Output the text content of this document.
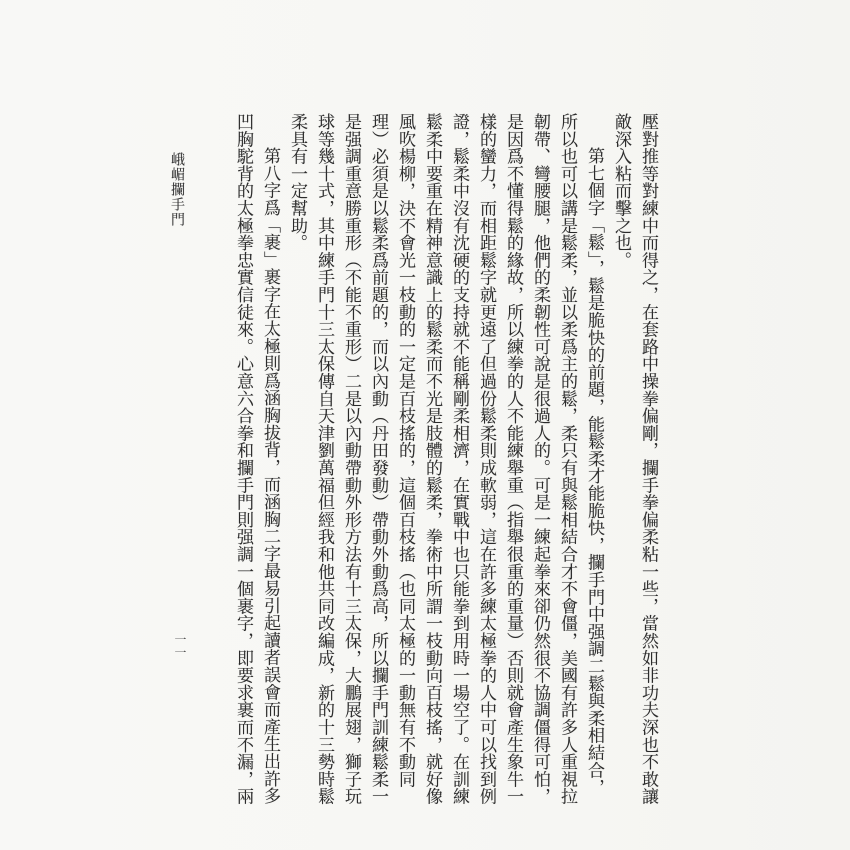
壓對推等對練中而得之，在套路中操拳偏剛，攔手拳偏柔粘一些，當然如非功夫深也不敢讓敵深入粘而擊之也。

第七個字「鬆」，鬆是脆快的前題，能鬆柔才能脆快，攔手門中强調二鬆與柔相結合，所以也可以講是鬆柔，並以柔爲主的鬆，柔只有與鬆相結合才不會僵，美國有許多人重視拉韌帶、彎腰腿，他們的柔韌性可說是很過人的。可是一練起拳來卻仍然很不協調僵得可怕，是因爲不懂得鬆的緣故，所以練拳的人不能練舉重（指舉很重的重量）否則就會產生象牛一樣的蠻力，而相距鬆字就更遠了但過份鬆柔則成軟弱，這在許多練太極拳的人中可以找到例證，鬆柔中沒有沈硬的支持就不能稱剛柔相濟，在實戰中也只能拳到用時一場空了。在訓練鬆柔中要重在精神意識上的鬆柔而不光是肢體的鬆柔，拳術中所謂一枝動向百枝搖，就好像風吹楊柳，決不會光一枝動的一定是百枝搖的，這個百枝搖（也同太極的一動無有不動同理）必須是以鬆柔爲前題的，而以內動（丹田發動）帶動外動爲高，所以攔手門訓練鬆柔一是强調重意勝重形（不能不重形）二是以內動帶動外形方法有十三太保，大鵬展翅，獅子玩球等幾十式，其中練手門十三太保傳自天津劉萬福但經我和他共同改編成，新的十三勢時鬆柔具有一定幫助。

第八字爲「裹」裹字在太極則爲涵胸拔背，而涵胸二字最易引起讀者誤會而產生出許多凹胸駝背的太極拳忠實信徒來。心意六合拳和攔手門則强調一個裹字，即要求裹而不漏，兩

峨嵋攔手門
一一
